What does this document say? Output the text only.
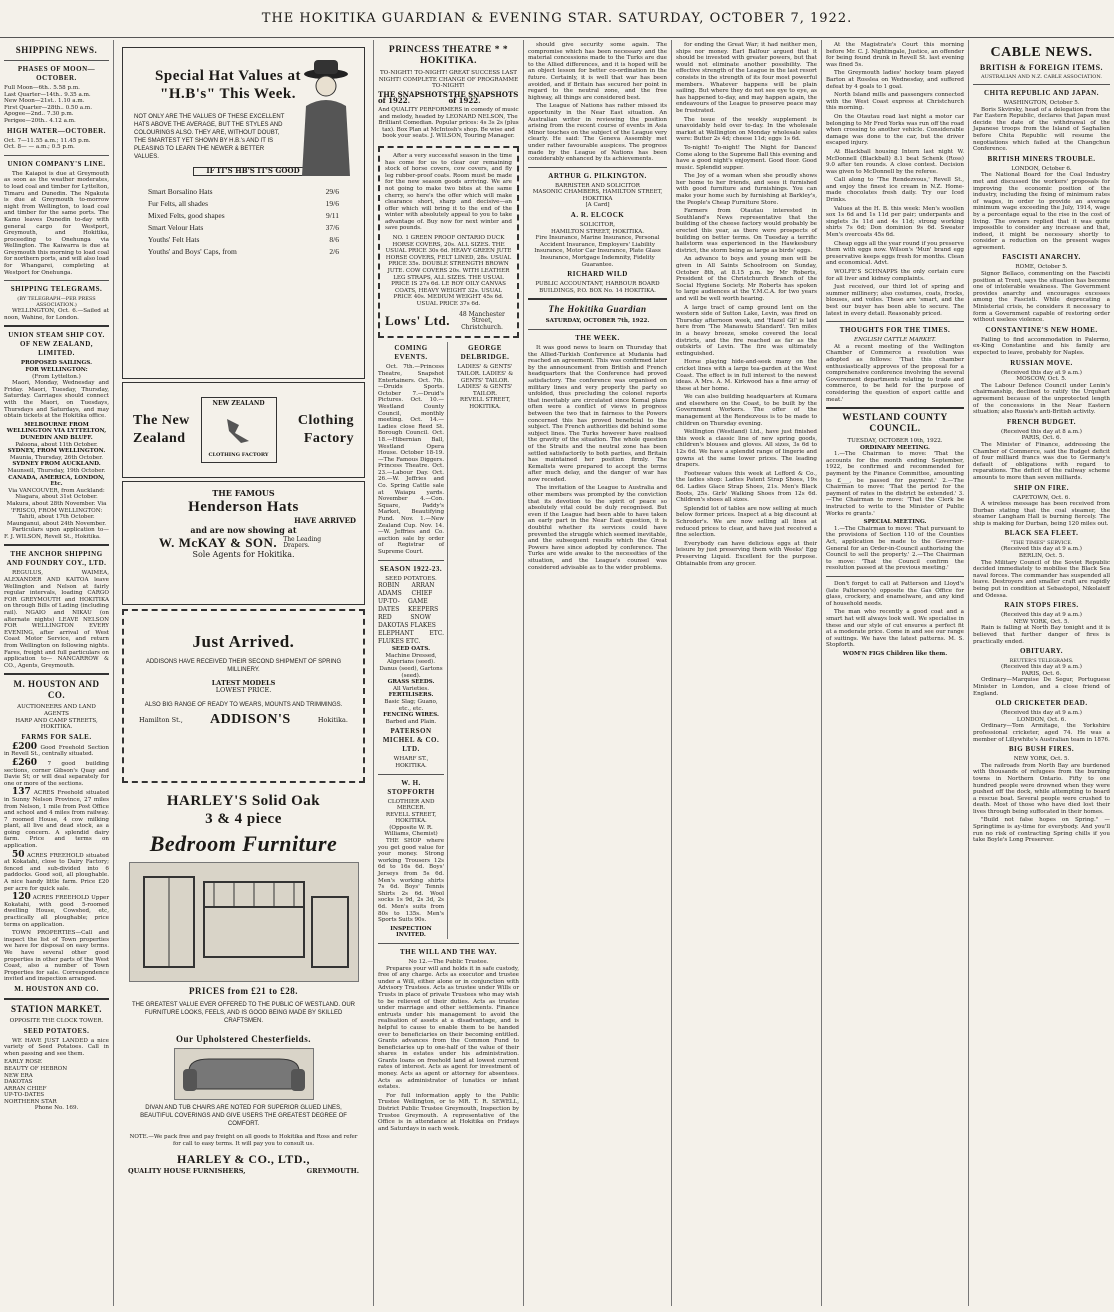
THE HOKITIKA GUARDIAN & EVENING STAR. SATURDAY, OCTOBER 7, 1922.
SHIPPING NEWS.
PHASES OF MOON—OCTOBER.
Full Moon—6th.. 5.58 p.m.
Last Quarter—14th.. 9.35 a.m.
New Moon—21st.. 1.10 a.m.
First Quarter—28th.. 0.50 a.m.
Apogee—2nd.. 7.30 p.m.
Perigee—20th.. 4.12 a.m.
HIGH WATER—OCTOBER.
Oct. 7—11.55 a.m.; 11.45 p.m.
Oct. 8— — a.m.; 0.5 p.m.
UNION COMPANY'S LINE.

The Kaiapoi is due at Greymouth as soon as the weather moderates, to load coal and timber for Lyttelton, Timaru and Dunedin. The Ngakuta is due at Greymouth to-morrow night from Wellington, to load coal and timber for the same ports. The Kamo leaves Dunedin to-day with general cargo for Westport, Greymouth, and Hokitika, proceeding to Onehunga via Wellington. The Kaiwarra is due at Greymouth this morning to load coal for northern ports, and will also load for Whangarei, completing at Westport for Onehunga.

SHIPPING TELEGRAMS.
(BY TELEGRAPH—PER PRESS ASSOCIATION.)

WELLINGTON, Oct. 6.—Sailed at noon, Wahine, for London.

UNION STEAM SHIP COY. OF NEW ZEALAND, LIMITED.
PROPOSED SAILINGS.
FOR WELLINGTON:
(From Lyttelton.)

Maori, Monday, Wednesday and Friday. Maori, Tuesday, Thursday, Saturday. Carriages should connect with the Maori, on Tuesdays, Thursdays and Saturdays, and may obtain tickets at the Hokitika office.

MELBOURNE FROM WELLINGTON VIA LYTTELTON, DUNEDIN AND BLUFF.
Paloona, about 11th October.
SYDNEY, FROM WELLINGTON.
Maunia, Thursday, 26th October.
SYDNEY FROM AUCKLAND.
Maunsell, Thursday, 19th October.
CANADA, AMERICA, LONDON, Etc.
Via VANCOUVER, from Auckland: Niagara, about 31st October. Makura, about 28th November. Via 'FRISCO, FROM WELLINGTON: Tahiti, about 17th October. Maunganui, about 24th November.

Particulars upon application to— F. J. WILSON, Revell St., Hokitika.

THE ANCHOR SHIPPING AND FOUNDRY COY., LTD.

REGULUS, WAIMEA, ALEXANDER AND KAITOA leave Wellington and Nelson at fairly regular intervals, loading CARGO FOR GREYMOUTH and HOKITIKA on through Bills of Lading (including rail). NGAIO and NIKAU (on alternate nights) LEAVE NELSON FOR WELLINGTON EVERY EVENING, after arrival of West Coast Motor Service, and return from Wellington on following nights. Fares, freight and full particulars on application to— NANCARROW & CO., Agents, Greymouth.

M. HOUSTON AND CO.
AUCTIONEERS AND LAND AGENTS
HARP AND CAMP STREETS, HOKITIKA.
FARMS FOR SALE.

£200 Good Freehold Section in Revell St., centrally situated.

£260 7 good building sections, corner Gibson's Quay and Davie St; or will deal separately for one or more of the sections.

137 ACRES Freehold situated in Sunny Nelson Province, 27 miles from Nelson, 1 mile from Post Office and school and 4 miles from railway. 7 roomed House, 4 cow milking plant, all live and dead stock, as a going concern. A splendid dairy farm. Price and terms on application.

50 ACRES FREEHOLD situated at Kokatahi, close to Dairy Factory; fenced and sub-divided into 6 paddocks. Good soil, all ploughable. A nice handy little farm. Price £20 per acre for quick sale.

120 ACRES FREEHOLD Upper Kokatahi, with good 5-roomed dwelling House, Cowshed, etc, practically all ploughable; price terms on application.

TOWN PROPERTIES—Call and inspect the list of Town properties we have for disposal on easy terms. We have several other good properties in other parts of the West Coast, also a number of Town Properties for sale. Correspondence invited and inspection arranged.

M. HOUSTON AND CO.
STATION MARKET.
OPPOSITE THE CLOCK TOWER.
SEED POTATOES.

WE HAVE JUST LANDED a nice variety of Seed Potatoes. Call in when passing and see them.

EARLY ROSE
BEAUTY OF HEBRON
NEW ERA
DAKOTAS
ARRAN CHIEF
UP-TO-DATES
NORTHERN STAR
Phone No. 169.
Special Hat Values at "H.B's" This Week.

NOT ONLY ARE THE VALUES OF THESE EXCELLENT HATS ABOVE THE AVERAGE, BUT THE STYLES AND COLOURINGS ALSO. THEY ARE, WITHOUT DOUBT, THE SMARTEST YET SHOWN BY H.B.'s AND IT IS PLEASING TO LEARN THE NEWER & BETTER VALUES.

IF IT'S HB'S IT'S GOOD
Smart Borsalino Hats	29/6
Fur Felts, all shades	19/6
Mixed Felts, good shapes	9/11
Smart Velour Hats	37/6
Youths' Felt Hats	8/6
Youths' and Boys' Caps, from	2/6
The New Zealand
NEW ZEALAND
CLOTHING FACTORY
Clothing Factory
THE FAMOUS
Henderson Hats
HAVE ARRIVED
and are now showing at
W. McKAY & SON. The Leading Drapers.
Sole Agents for Hokitika.
Just Arrived.
ADDISONS HAVE RECEIVED THEIR SECOND SHIPMENT OF SPRING MILLINERY.
LATEST MODELS
LOWEST PRICE.
ALSO BIG RANGE OF READY TO WEARS, MOUNTS AND TRIMMINGS.
Hamilton St., ADDISON'S	Hokitika.
HARLEY'S Solid Oak
3 & 4 piece
Bedroom Furniture
PRICES from £21 to £28.
THE GREATEST VALUE EVER OFFERED TO THE PUBLIC OF WESTLAND. OUR FURNITURE LOOKS, FEELS, AND IS GOOD BEING MADE BY SKILLED CRAFTSMEN.
Our Upholstered Chesterfields.
DIVAN AND TUB CHAIRS ARE NOTED FOR SUPERIOR GLUED LINES, BEAUTIFUL COVERINGS AND GIVE USERS THE GREATEST DEGREE OF COMFORT.
NOTE.—We pack free and pay freight on all goods to Hokitika and Ross and refer for call to easy terms. It will pay you to consult us.
HARLEY & CO., LTD.,
QUALITY HOUSE FURNISHERS,	GREYMOUTH.
PRINCESS THEATRE * * HOKITIKA.
TO-NIGHT! TO-NIGHT! GREAT SUCCESS LAST NIGHT! COMPLETE CHANGE OF PROGRAMME TO-NIGHT!
THE SNAPSHOTS of 1922.
THE SNAPSHOTS of 1922.
And QUALITY PERFORMERS in comedy of music and melody, headed by LEONARD NELSON, The Brilliant Comedian. Popular prices: 4s 3s 2s (plus tax). Box Plan at McIntosh's shop. Be wise and book your seats. J. WILSON, Touring Manager.

After a very successful season in the time has come for us to clear our remaining stock of horse covers, cow covers, and fly leg rubber-proof coats. Room must be made for the new season goods arriving. We are not going to make two bites at the same cherry, so here's the offer which will make clearance short, sharp and decisive—an offer which will bring it to the end of the winter with absolutely appeal to you to take advantage of. Buy now for next winter and save pounds.

NO. 1 GREEN PROOF ONTARIO DUCK HORSE COVERS, 20s. ALL SIZES. THE USUAL PRICE 30s 6d. HEAVY GREEN JUTE HORSE COVERS, FELT LINED, 28s. USUAL PRICE 35s. DOUBLE STRENGTH BROWN JUTE. COW COVERS 20s. WITH LEATHER LEG STRAPS, ALL SIZES. THE USUAL PRICE IS 27s 6d. LE ROY OILY CANVAS COATS, HEAVY WEIGHT 32s. USUAL PRICE 40s. MEDIUM WEIGHT 45s 6d. USUAL PRICE 37s 6d.

Lows' Ltd.	48 Manchester Street, Christchurch.
COMING EVENTS.

Oct. 7th.—Princess Theatre, Snapshot Entertainers. Oct. 7th.—Druids Sports. October 7.—Druid's Pictures. Oct. 10.—Westland County Council, monthly meeting. Oct. 14.—Ladies close Reed St. Borough Council. Oct. 18.—Hibernian Ball, Westland Opera House. October 18-19.—The Famous Diggers. Princess Theatre. Oct. 23.—Labour Day. Oct. 26.—W. Jeffries and Co. Spring Cattle sale at Waiapu yards. November 4.—Con. Square, Paddy's Market, Beautifying Fund. Nov. 1.—New Zealand Cup. Nov. 14.—W. Jeffries and Co. auction sale by order of Registrar of Supreme Court.

SEASON 1922-23.
SEED POTATOES.
ROBIN ADAMS
ARRAN CHIEF
UP-TO-DATES
GAME KEEPERS
RED DAKOTAS
SNOW FLAKES
ELEPHANT FLUKES ETC.
ETC.
SEED OATS.
Machine Dressed, Algerians (seed). Danus (seed), Gartons (seed).
GRASS SEEDS.
All Varieties.
FERTILISERS.
Basic Slag; Guano, etc., etc.
FENCING WIRES.
Barbed and Plain.
PATERSON MICHEL & CO. LTD.
WHARF ST., HOKITIKA.
W. H. STOPFORTH
CLOTHIER AND MERCER.
REVELL STREET, HOKITIKA.
(Opposite W. R. Williams, Chemist)

THE SHOP where you get good value for your money. Strong working Trousers 12s 6d to 16s 6d. Boys' Jerseys from 5s 6d. Men's working shirts 7s 6d. Boys' Tennis Shirts 2s 6d. Wool socks 1s 9d, 2s 3d, 2s 6d. Men's suits from 80s to 135s. Men's Sports Suits 90s.

INSPECTION INVITED.
GEORGE DELBRIDGE.
LADIES' & GENTS' TAILOR. LADIES' & GENTS' TAILOR. LADIES' & GENTS' TAILOR.
REVELL STREET, HOKITIKA.
THE WILL AND THE WAY.
No 12.—The Public Trustee.

Prepares your will and holds it in safe custody, free of any charge. Acts as executor and trustee under a Will, either alone or in conjunction with Advisory Trustees. Acts as trustee under Wills or Trusts in place of private Trustees who may wish to be relieved of their duties. Acts as trustee under marriage and other settlements. Finance entrusts under his management to avoid the realisation of assets at a disadvantage, and is helpful to cause to enable them to be handed over to beneficiaries on their becoming entitled. Grants advances from the Common Fund to beneficiaries up to one-half of the value of their shares in estates under his administration. Grants loans on freehold land at lowest current rates of interest. Acts as agent for investment of money. Acts as agent or attorney for absentees. Acts as administrator of lunatics or infant estates.

For full information apply to the Public Trustee Wellington, or to MR. T. R. SEWELL, District Public Trustee Greymouth, Inspection by Trustee Greymouth. A representative of the Office is in attendance at Hokitika on Fridays and Saturdays in each week.

should give security some again. The compromise which has been necessary and the material concessions made to the Turks are due to the Allied differences, and it is hoped will be an object lesson for better co-ordination in the future. Certainly, it is well that war has been avoided, and if Britain has secured her point in regard to the neutral zone, and the free highway, all things are considered best.

The League of Nations has rather missed its opportunity in the Near East situation. An Australian writer in reviewing the position arising from the recent course of events in Asia Minor touches on the subject of the League very clearly. He said: The Geneva Assembly met under rather favourable auspices. The progress made by the League of Nations has been considerably enhanced by its achievements.

ARTHUR G. PILKINGTON.
BARRISTER AND SOLICITOR
MASONIC CHAMBERS, HAMILTON STREET, HOKITIKA
[A Card]
A. R. ELCOCK
SOLICITOR,
HAMILTON STREET, HOKITIKA.
Fire Insurance, Marine Insurance, Personal Accident Insurance, Employers' Liability Insurance, Motor Car Insurance, Plate Glass Insurance, Mortgage Indemnity, Fidelity Guarantee.
RICHARD WILD
PUBLIC ACCOUNTANT, HARBOUR BOARD BUILDINGS, P.O. BOX No. 14 HOKITIKA.
The Hokitika Guardian
SATURDAY, OCTOBER 7th, 1922.
THE WEEK.

It was good news to learn on Thursday that the Allied-Turkish Conference at Mudania had reached an agreement. This was confirmed later by the announcement from British and French headquarters that the Conference had proved satisfactory. The conference was organised on military lines and very properly the party so unfolded, thus precluding the colonel reports that inevitably are circulated since Kemal plans often were a conflict of views in progress between the two that in fairness to the Powers concerned this has proved beneficial to the subject. The French authorities did behind some subject lines. The Turks however have realised the gravity of the situation. The whole question of the Straits and the neutral zone has been settled satisfactorily to both parties, and Britain has maintained her position firmly. The Kemalists were prepared to accept the terms after much delay, and the danger of war has now receded.

The invitation of the League to Australia and other members was prompted by the conviction that its devotion to the spirit of peace so absolutely vital could be duly recognised. But even if the League had been able to have taken an early part in the Near East question, it is doubtful whether its services could have prevented the struggle which seemed inevitable, and the subsequent results which the Great Powers have since adopted by conference. The Turks are wide awake to the necessities of the situation, and the League's counsel was considered advisable as to the wider problems.

for ending the Great War; it had neither men, ships nor money. Earl Balfour argued that it should be invested with greater powers, but that would not eliminate another possibility. The effective strength of the League in the last resort consists in the strength of its four most powerful members. Whatever happens will be plain sailing. But where they do not see eye to eye, as has happened to-day, and may happen again, the endeavours of the League to preserve peace may be frustrated.

The issue of the weekly supplement is unavoidably held over to-day. In the wholesale market at Wellington on Monday wholesale sales were: Butter 2s 4d; cheese 11d; eggs 1s 6d.

To-night! To-night! The Night for Dances! Come along to the Supreme Ball this evening and have a good night's enjoyment. Good floor. Good music. Splendid supper.

The Joy of a woman when she proudly shows her home to her friends, and sees it furnished with good furniture and furnishings. You can make your home such by furnishing at Barkley's, the People's Cheap Furniture Store.

Farmers from Otautau interested in Southland's News representative that the building of the cheese factory would probably be erected this year, as there were prospects of building on better terms. On Tuesday a terrific hailstorm was experienced in the Hawkesbury district, the storm being as large as birds' eggs.

An advance to boys and young men will be given in All Saints Schoolroom on Sunday, October 8th, at 8.15 p.m. by Mr Roberts, President of the Christchurch Branch of the Social Hygiene Society. Mr Roberts has spoken to large audiences at the Y.M.C.A. for two years and will be well worth hearing.

A large tract of camp ground lent on the western side of Sutton Lake, Levin, was fired on Thursday afternoon week, and 'Hazel Gil' is laid here from 'The Manawatu Standard'. Ten miles in a heavy breeze, smoke covered the local districts, and the fire reached as far as the outskirts of Levin. The fire was ultimately extinguished.

Horse playing hide-and-seek many on the cricket lines with a large tea-garden at the West Coast. The effect is in full interest to the newest ideas. A Mrs. A. M. Kirkwood has a fine array of these at her home.

We can also building headquarters at Kumara and elsewhere on the Coast, to be built by the Government Workers. The offer of the management at the Rendezvous is to be made to children on Thursday evening.

Wellington (Westland) Ltd., have just finished this week a classic line of new spring goods, children's blouses and gloves. All sizes, 3s 6d to 12s 6d. We have a splendid range of lingerie and gowns at the same lower prices. The leading drapers.

Footwear values this week at Lefford & Co., the ladies shop: Ladies Patent Strap Shoes, 19s 6d. Ladies Glace Strap Shoes, 21s. Men's Black Boots, 25s. Girls' Walking Shoes from 12s 6d. Children's shoes all sizes.

Splendid lot of tables are now selling at much below former prices. Inspect at a big discount at Schroder's. We are now selling all lines at reduced prices to clear, and have just received a fine selection.

Everybody can have delicious eggs at their leisure by just preserving them with Weeks' Egg Preserving Liquid. Excellent for the purpose. Obtainable from any grocer.

At the Magistrate's Court this morning before Mr. C. J. Nightingale, Justice, an offender for being found drunk in Revell St. last evening was fined 5s.

The Greymouth ladies' hockey team played Barton at Rosslea on Wednesday, and suffered defeat by 4 goals to 1 goal.

North Island mills and passengers connected with the West Coast express at Christchurch this morning.

On the Otautau road last night a motor car belonging to Mr Fred Yorks was run off the road when crossing to another vehicle. Considerable damage was done to the car, but the driver escaped injury.

At Blackball housing Intern last night W. McDonnell (Blackball) 8.1 beat Schenk (Ross) 9.0 after ten rounds. A close contest. Decision was given to McDonnell by the referee.

Call along to 'The Rendezvous,' Revell St., and enjoy the finest ice cream in N.Z. Home-made chocolates fresh daily. Try our Iced Drinks.

Values at the H. B. this week: Men's woollen sox 1s 6d and 1s 11d per pair; underpants and singlets 3s 11d and 4s 11d; strong working shirts 7s 6d; Don dominion 9s 6d. Sweater Men's overcoats 45s 6d.

Cheap eggs all the year round if you preserve them with eggs now. Wilson's 'Mun' brand egg preservative keeps eggs fresh for months. Clean and economical. Advt.

WOLFE'S SCHNAPPS the only certain cure for all liver and kidney complaints.

Just received, our third lot of spring and summer millinery; also costumes, coats, frocks, blouses, and voiles. These are 'smart, and the best our buyer has been able to secure. The latest in every detail. Reasonably priced.

THOUGHTS FOR THE TIMES.
ENGLISH CATTLE MARKET.

At a recent meeting of the Wellington Chamber of Commerce a resolution was adopted as follows: 'That this chamber enthusiastically approves of the proposal for a comprehensive conference involving the several Government departments relating to trade and commerce, to be held for the purpose of considering the question of export cattle and meat.'

WESTLAND COUNTY COUNCIL.
TUESDAY, OCTOBER 10th, 1922.
ORDINARY MEETING.

1.—The Chairman to move: 'That the accounts for the month ending September, 1922, be confirmed and recommended for payment by the Finance Committee, amounting to £___, be passed for payment.' 2.—The Chairman to move: 'That the period for the payment of rates in the district be extended.' 3.—The Chairman to move: 'That the Clerk be instructed to write to the Minister of Public Works re grants.'

SPECIAL MEETING.

1.—The Chairman to move: 'That pursuant to the provisions of Section 110 of the Counties Act, application be made to the Governor-General for an Order-in-Council authorising the Council to sell the property.' 2.—The Chairman to move: 'That the Council confirm the resolution passed at the previous meeting.'

Don't forget to call at Patterson and Lloyd's (late Palterson's) opposite the Gas Office for glass, crockery, and enamelware, and any kind of household needs.

The man who recently a good coat and a smart hat will always look well. We specialise in these and our style of cut ensures a perfect fit at a moderate price. Come in and see our range of suitings. We have the latest patterns. M. S. Stopforth.

WOM'N FIGS Children like them.
CABLE NEWS.
BRITISH & FOREIGN ITEMS.
AUSTRALIAN AND N.Z. CABLE ASSOCIATION.
CHITA REPUBLIC AND JAPAN.
WASHINGTON, October 5.

Boris Skvirsky, head of a delegation from the Far Eastern Republic, declares that Japan must decide the date of the withdrawal of the Japanese troops from the Island of Saghalien before Chita Republic will resume the negotiations which failed at the Changchun Conference.

BRITISH MINERS TROUBLE.
LONDON, October 6.

The National Board for the Coal Industry met and discussed the workers' proposals for improving the economic position of the industry, including the fixing of minimum rates of wages, in order to provide an average minimum wage exceeding the July, 1914, wage by a percentage equal to the rise in the cost of living. The owners replied that it was quite impossible to consider any increase and that, indeed, it might be necessary shortly to consider a reduction on the present wages agreement.

FASCISTI ANARCHY.
ROME, October 5.

Signor Bellaco, commenting on the Fascisti position at Trent, says the situation has become one of intolerable weakness. The Government provides anarchy and encourages excesses among the Fascisti. While deprecating a Ministerial crisis, he considers it necessary to form a Government capable of restoring order without useless violence.

CONSTANTINE'S NEW HOME.

Failing to find accommodation in Palermo, ex-King Constantine and his family are expected to leave, probably for Naples.

RUSSIAN MOVE.
(Received this day at 9 a.m.)
MOSCOW, Oct. 5.

The Labour Defence Council under Lenin's chairmanship, declined to ratify the Urquhart agreement because of the unprotected length of the concessions in the Near Eastern situation; also Russia's anti-British activity.

FRENCH BUDGET.
(Received this day at 8 a.m.)
PARIS, Oct. 6.

The Minister of Finance, addressing the Chamber of Commerce, said the Budget deficit of four milliard francs was due to Germany's default of obligations with regard to reparations. The deficit of the railway scheme amounts to more than seven milliards.

SHIP ON FIRE.
CAPETOWN, Oct. 6.

A wireless message has been received from Durban stating that the coal steamer, the steamer Langham Hall is burning fiercely. The ship is making for Durban, being 120 miles out.

BLACK SEA FLEET.
"THE TIMES" SERVICE.
(Received this day at 9 a.m.)
BERLIN, Oct. 5.

The Military Council of the Soviet Republic decided immediately to mobilise the Black Sea naval forces. The commander has suspended all leave. Destroyers and smaller craft are rapidly being put in condition at Sebastopol, Nikolaieff and Odessa.

RAIN STOPS FIRES.
(Received this day at 9 a.m.)
NEW YORK, Oct. 5.

Rain is falling at North Bay tonight and it is believed that further danger of fires is practically ended.

OBITUARY.
REUTER'S TELEGRAMS.
(Received this day at 9 a.m.)
PARIS, Oct. 6.

Ordinary—Marquise De Segur, Portuguese Minister in London, and a close friend of England.

OLD CRICKETER DEAD.
(Received this day at 9 a.m.)
LONDON, Oct. 6.

Ordinary—Tom Armitage, the Yorkshire professional cricketer, aged 74. He was a member of Lillywhite's Australian team in 1876.

BIG BUSH FIRES.
NEW YORK, Oct. 5.

The railroads from North Bay are burdened with thousands of refugees from the burning towns in Northern Ontario. Fifty to one hundred people were drowned when they were pushed off the dock, while attempting to board a rescue boat. Several people were crushed to death. Most of those who have died lost their lives through being suffocated in their homes.

"Build not false hopes on Spring." —Springtime is ay-time for everybody. And you'll run no risk of contracting Spring chills if you take Boyle's Long Preserver.
